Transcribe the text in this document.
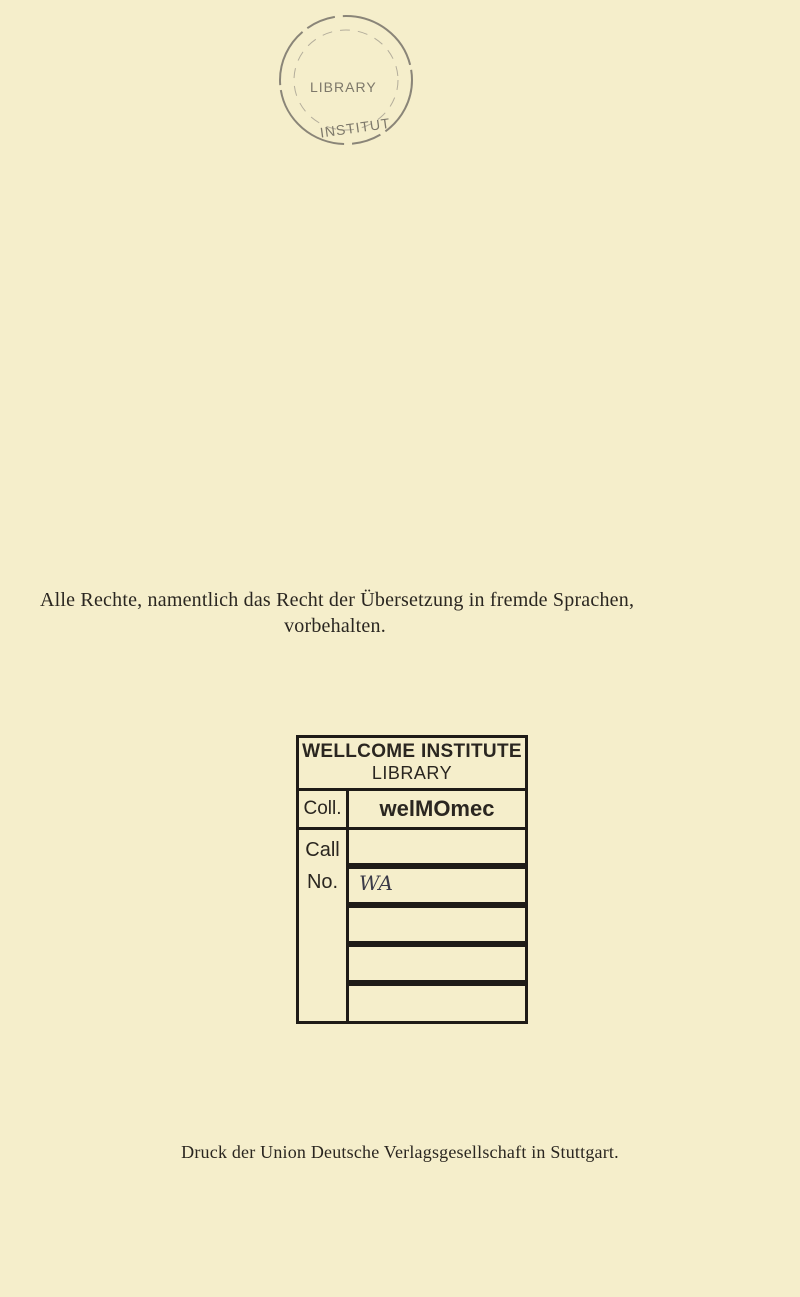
LIBRARY
INSTITUT
Alle Rechte, namentlich das Recht der Übersetzung in fremde Sprachen,
vorbehalten.
WELLCOME INSTITUTE
LIBRARY
Coll.	welMOmec
Call
No.	WA
Druck der Union Deutsche Verlagsgesellschaft in Stuttgart.
